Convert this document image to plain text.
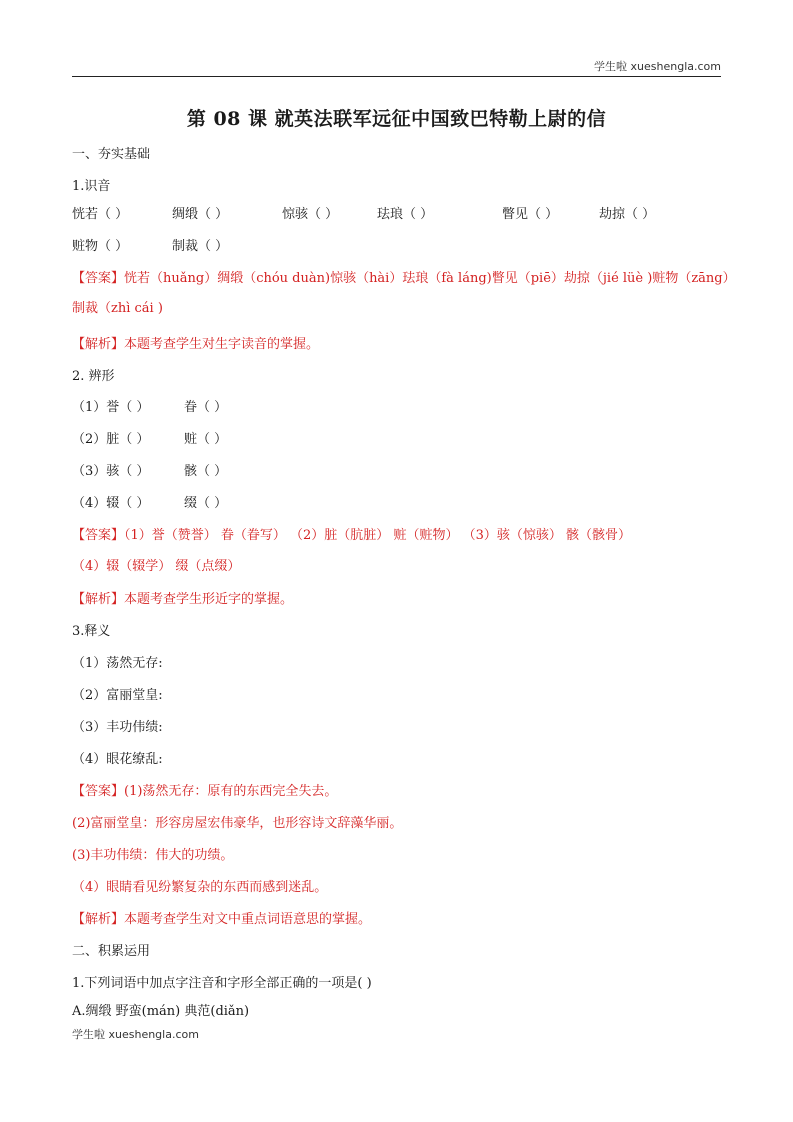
学生啦 xueshengla.com
第 08 课 就英法联军远征中国致巴特勒上尉的信
一、夯实基础
1.识音
恍若（ ）	绸缎（ ）	惊骇（ ）	珐琅（ ）	瞥见（ ）	劫掠（ ）
赃物（ ）	制裁（ ）
【答案】恍若（huǎng）绸缎（chóu duàn)惊骇（hài）珐琅（fà láng)瞥见（piē）劫掠（jié lüè )赃物（zāng）
制裁（zhì cái )
【解析】本题考查学生对生字读音的掌握。
2. 辨形
（1）誉（ ）	眷（ ）
（2）脏（ ）	赃（ ）
（3）骇（ ）	骸（ ）
（4）辍（ ）	缀（ ）
【答案】（1）誉（赞誉） 眷（眷写） （2）脏（肮脏） 赃（赃物） （3）骇（惊骇） 骸（骸骨）
（4）辍（辍学） 缀（点缀）
【解析】本题考查学生形近字的掌握。
3.释义
（1）荡然无存:
（2）富丽堂皇:
（3）丰功伟绩:
（4）眼花缭乱:
【答案】(1)荡然无存：原有的东西完全失去。
(2)富丽堂皇：形容房屋宏伟豪华，也形容诗文辞藻华丽。
(3)丰功伟绩：伟大的功绩。
（4）眼睛看见纷繁复杂的东西而感到迷乱。
【解析】本题考查学生对文中重点词语意思的掌握。
二、积累运用
1.下列词语中加点字注音和字形全部正确的一项是( )
A.绸缎 野蛮(mán) 典范(diǎn)
学生啦 xueshengla.com
